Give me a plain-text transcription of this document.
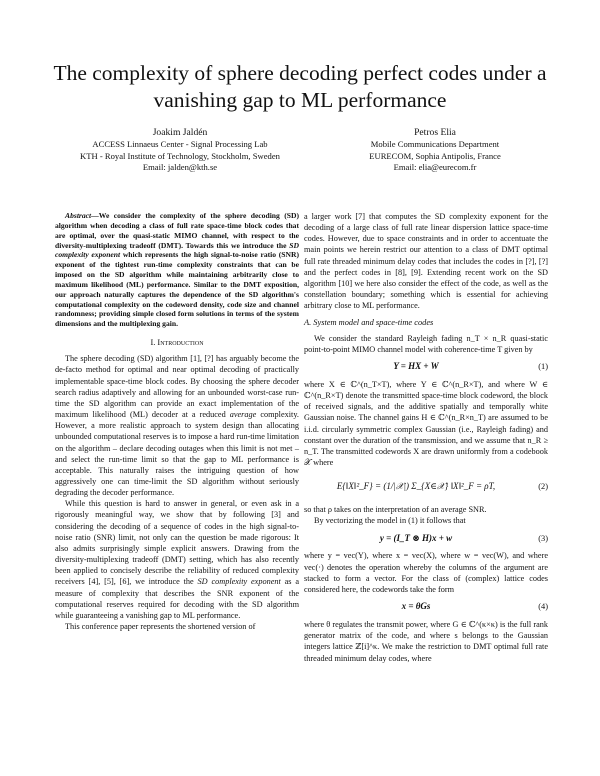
The complexity of sphere decoding perfect codes under a vanishing gap to ML performance
Joakim Jaldén
ACCESS Linnaeus Center - Signal Processing Lab
KTH - Royal Institute of Technology, Stockholm, Sweden
Email: jalden@kth.se
Petros Elia
Mobile Communications Department
EURECOM, Sophia Antipolis, France
Email: elia@eurecom.fr

Abstract—We consider the complexity of the sphere decoding (SD) algorithm when decoding a class of full rate space-time block codes that are optimal, over the quasi-static MIMO channel, with respect to the diversity-multiplexing tradeoff (DMT). Towards this we introduce the SD complexity exponent which represents the high signal-to-noise ratio (SNR) exponent of the tightest run-time complexity constraints that can be imposed on the SD algorithm while maintaining arbitrarily close to maximum likelihood (ML) performance. Similar to the DMT exposition, our approach naturally captures the dependence of the SD algorithm's computational complexity on the codeword density, code size and channel randomness; providing simple closed form solutions in terms of the system dimensions and the multiplexing gain.

I. Introduction

The sphere decoding (SD) algorithm [1], [?] has arguably become the de-facto method for optimal and near optimal decoding of practically implementable space-time block codes. By choosing the sphere decoder search radius adaptively and allowing for an unbounded worst-case run-time the SD algorithm can provide an exact implementation of the maximum likelihood (ML) decoder at a reduced average complexity. However, a more realistic approach to system design than allocating unbounded computational reserves is to impose a hard run-time limitation on the algorithm – declare decoding outages when this limit is not met – and select the run-time limit so that the gap to ML performance is acceptable. This naturally raises the intriguing question of how aggressively one can time-limit the SD algorithm without seriously degrading the decoder performance.

While this question is hard to answer in general, or even ask in a rigorously meaningful way, we show that by following [3] and considering the decoding of a sequence of codes in the high signal-to-noise ratio (SNR) limit, not only can the question be made rigorous: It also admits surprisingly simple explicit answers. Drawing from the diversity-multiplexing tradeoff (DMT) setting, which has also recently been applied to concisely describe the reliability of reduced complexity receivers [4], [5], [6], we introduce the SD complexity exponent as a measure of complexity that describes the SNR exponent of the computational reserves required for decoding with the SD algorithm while guaranteeing a vanishing gap to ML performance.

This conference paper represents the shortened version of

a larger work [7] that computes the SD complexity exponent for the decoding of a large class of full rate linear dispersion lattice space-time codes. However, due to space constraints and in order to accentuate the main points we herein restrict our attention to a class of DMT optimal full rate threaded minimum delay codes that includes the codes in [?], [?] and the perfect codes in [8], [9]. Extending recent work on the SD algorithm [10] we here also consider the effect of the code, as well as the constellation boundary; something which is essential for achieving arbitrary close to ML performance.

A. System model and space-time codes

We consider the standard Rayleigh fading n_T × n_R quasi-static point-to-point MIMO channel model with coherence-time T given by

Y = HX + W	(1)

where X ∈ ℂ^(n_T×T), where Y ∈ ℂ^(n_R×T), and where W ∈ ℂ^(n_R×T) denote the transmitted space-time block codeword, the block of received signals, and the additive spatially and temporally white Gaussian noise. The channel gains H ∈ ℂ^(n_R×n_T) are assumed to be i.i.d. circularly symmetric complex Gaussian (i.e., Rayleigh fading) and constant over the duration of the transmission, and we assume that n_R ≥ n_T. The transmitted codewords X are drawn uniformly from a codebook 𝒳 where

E{‖X‖²_F} = (1/|𝒳|) Σ_{X∈𝒳} ‖X‖²_F = ρT,	(2)

so that ρ takes on the interpretation of an average SNR.

By vectorizing the model in (1) it follows that

y = (I_T ⊗ H)x + w	(3)

where y = vec(Y), where x = vec(X), where w = vec(W), and where vec(·) denotes the operation whereby the columns of the argument are stacked to form a vector. For the class of (complex) lattice codes considered here, the codewords take the form

x = θGs	(4)

where θ regulates the transmit power, where G ∈ ℂ^(κ×κ) is the full rank generator matrix of the code, and where s belongs to the Gaussian integers lattice ℤ[i]^κ. We make the restriction to DMT optimal full rate threaded minimum delay codes, where
